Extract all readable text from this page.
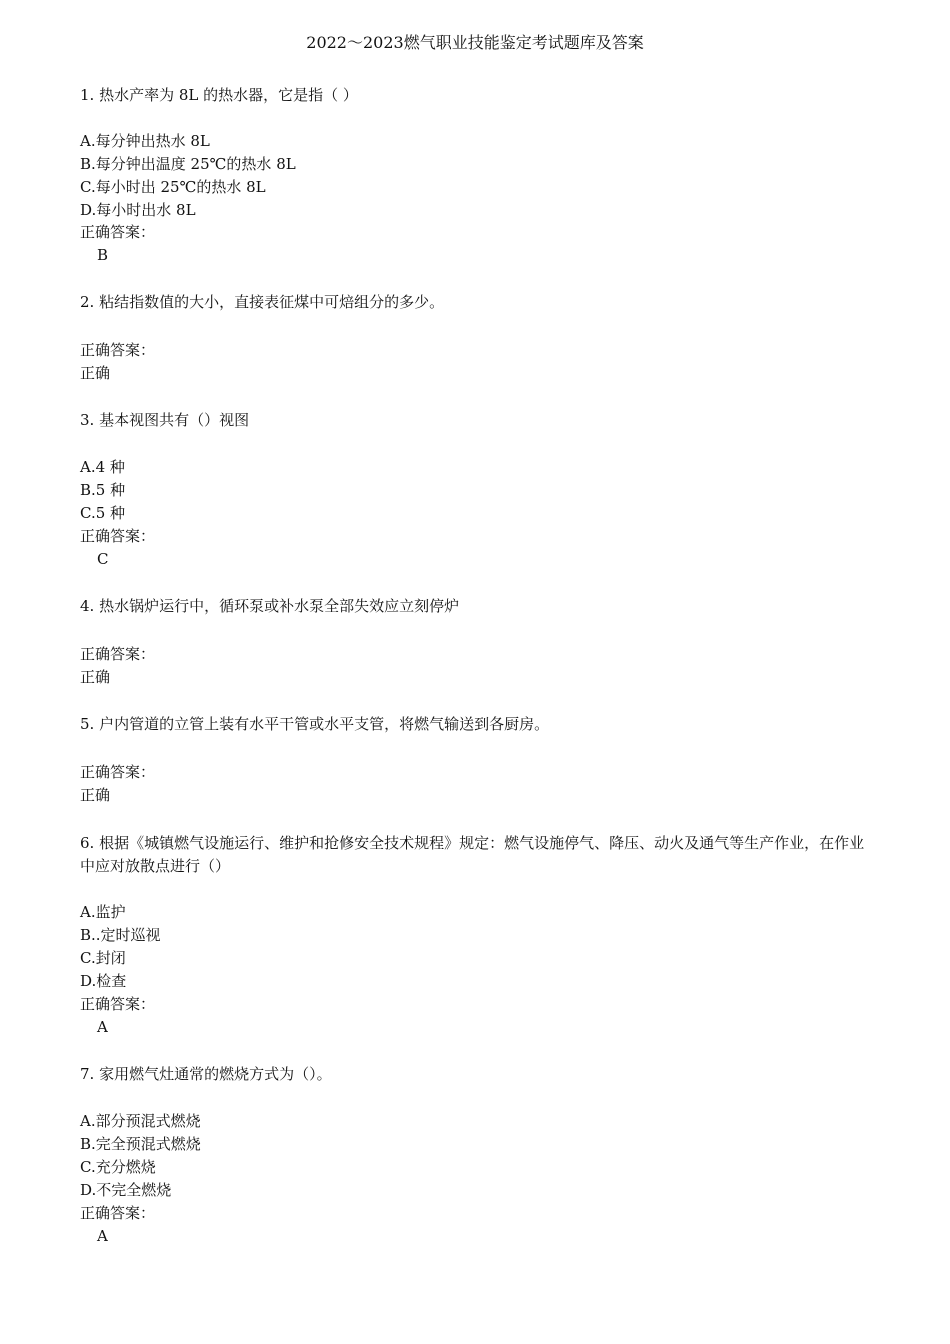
2022～2023燃气职业技能鉴定考试题库及答案
1. 热水产率为 8L 的热水器，它是指（ ）
A.每分钟出热水 8L
B.每分钟出温度 25℃的热水 8L
C.每小时出 25℃的热水 8L
D.每小时出水 8L
正确答案：
B
2. 粘结指数值的大小，直接表征煤中可焙组分的多少。
正确答案：
正确
3. 基本视图共有（）视图
A.4 种
B.5 种
C.5 种
正确答案：
C
4. 热水锅炉运行中，循环泵或补水泵全部失效应立刻停炉
正确答案：
正确
5. 户内管道的立管上装有水平干管或水平支管，将燃气输送到各厨房。
正确答案：
正确
6. 根据《城镇燃气设施运行、维护和抢修安全技术规程》规定：燃气设施停气、降压、动火及通气等生产作业，在作业中应对放散点进行（）
A.监护
B..定时巡视
C.封闭
D.检查
正确答案：
A
7. 家用燃气灶通常的燃烧方式为（）。
A.部分预混式燃烧
B.完全预混式燃烧
C.充分燃烧
D.不完全燃烧
正确答案：
A
